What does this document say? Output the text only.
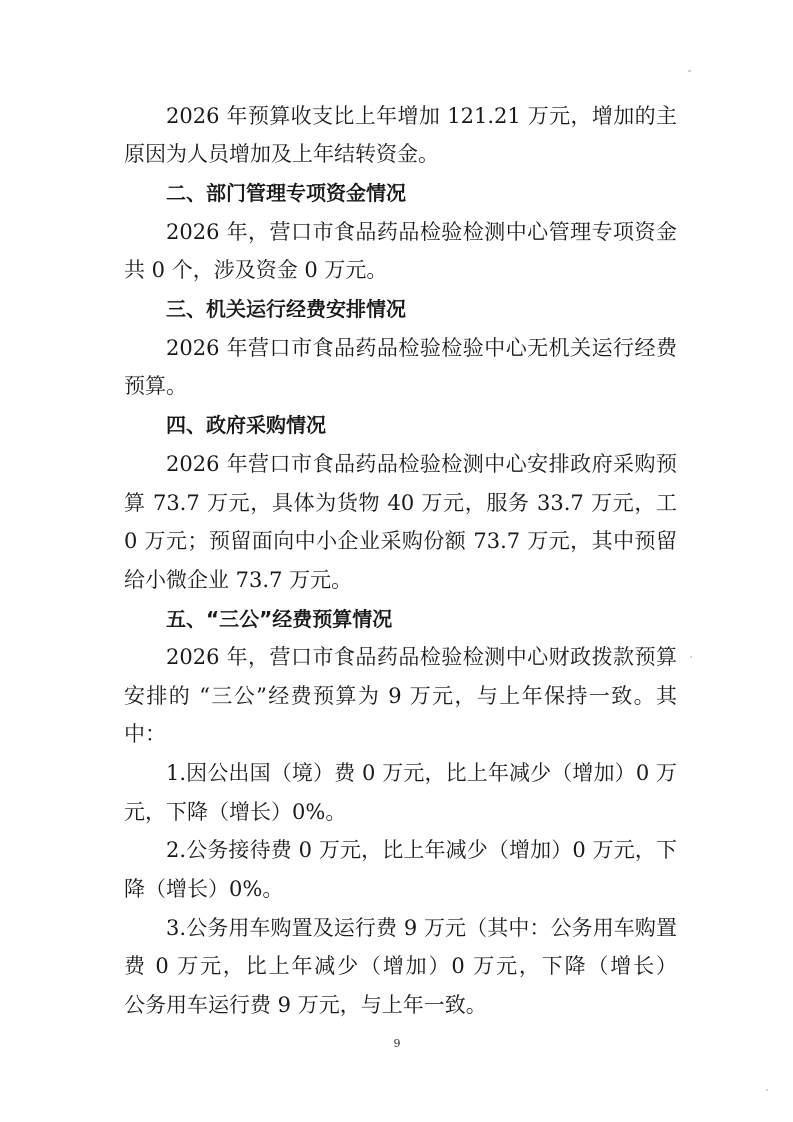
2026 年预算收支比上年增加 121.21 万元，增加的主
原因为人员增加及上年结转资金。
二、部门管理专项资金情况
2026 年，营口市食品药品检验检测中心管理专项资金
共 0 个，涉及资金 0 万元。
三、机关运行经费安排情况
2026 年营口市食品药品检验检验中心无机关运行经费
预算。
四、政府采购情况
2026 年营口市食品药品检验检测中心安排政府采购预
算 73.7 万元，具体为货物 40 万元，服务 33.7 万元，工
0 万元；预留面向中小企业采购份额 73.7 万元，其中预留
给小微企业 73.7 万元。
五、“三公”经费预算情况
2026 年，营口市食品药品检验检测中心财政拨款预算
安排的 “三公”经费预算为 9 万元，与上年保持一致。其
中：
1.因公出国（境）费 0 万元，比上年减少（增加）0 万
元，下降（增长）0%。
2.公务接待费 0 万元，比上年减少（增加）0 万元，下
降（增长）0%。
3.公务用车购置及运行费 9 万元（其中：公务用车购置
费 0 万元，比上年减少（增加）0 万元，下降（增长）
公务用车运行费 9 万元，与上年一致。
9
